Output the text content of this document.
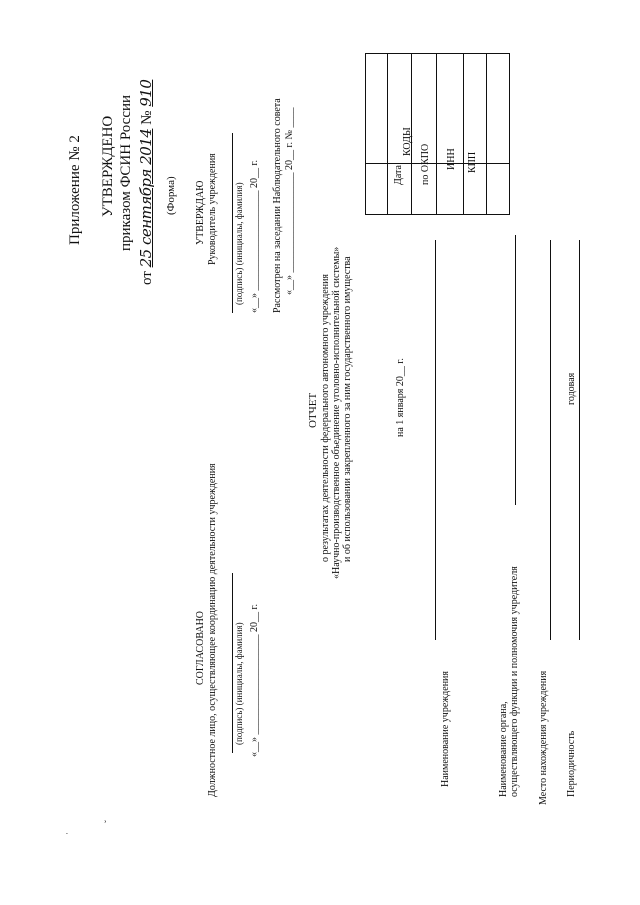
Приложение № 2 УТВЕРЖДЕНО приказом ФСИН России
от 25 сентября 2014 № 910
(Форма) УТВЕРЖДАЮ Руководитель учреждения (подпись) (инициалы, фамилия) «__» ____________________ 20__ г. Рассмотрен на заседании Наблюдательного совета «__» ____________________ 20__ г. № ____
СОГЛАСОВАНО Должностное лицо, осуществляющее координацию деятельности учреждения (подпись) (инициалы, фамилия) «__» ____________________ 20__ г.
ОТЧЕТ о результатах деятельности федерального автономного учреждения «Научно-производственное объединение уголовно-исполнительной системы» и об использовании закрепленного за ним государственного имущества	на 1 января 20__ г.
КОДЫ
Дата по ОКПО ИНН КПП
Наименование учреждения	Наименование органа, осуществляющего функции и полномочия учредителя Место нахождения учреждения Периодичность
годовая
·
ˇ
